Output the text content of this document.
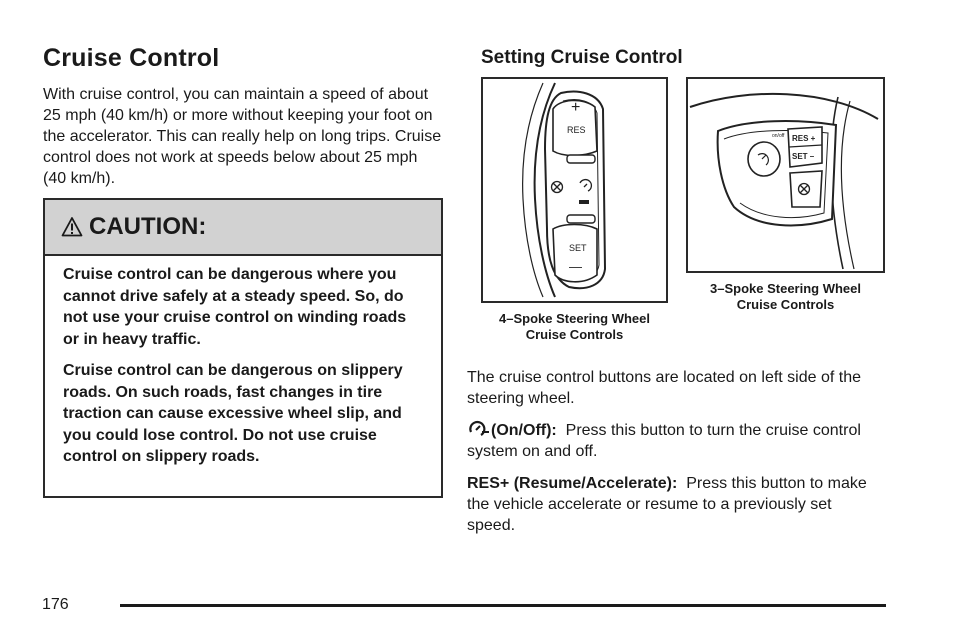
Cruise Control

With cruise control, you can maintain a speed of about 25 mph (40 km/h) or more without keeping your foot on the accelerator. This can really help on long trips. Cruise control does not work at speeds below about 25 mph (40 km/h).

CAUTION:

Cruise control can be dangerous where you cannot drive safely at a steady speed. So, do not use your cruise control on winding roads or in heavy traffic.

Cruise control can be dangerous on slippery roads. On such roads, fast changes in tire traction can cause excessive wheel slip, and you could lose control. Do not use cruise control on slippery roads.

Setting Cruise Control
+
RES
SET
—
4–Spoke Steering Wheel
Cruise Controls
RES +
SET –
on/off
3–Spoke Steering Wheel
Cruise Controls

The cruise control buttons are located on left side of the steering wheel.

(On/Off): Press this button to turn the cruise control system on and off.

RES+ (Resume/Accelerate): Press this button to make the vehicle accelerate or resume to a previously set speed.

176
